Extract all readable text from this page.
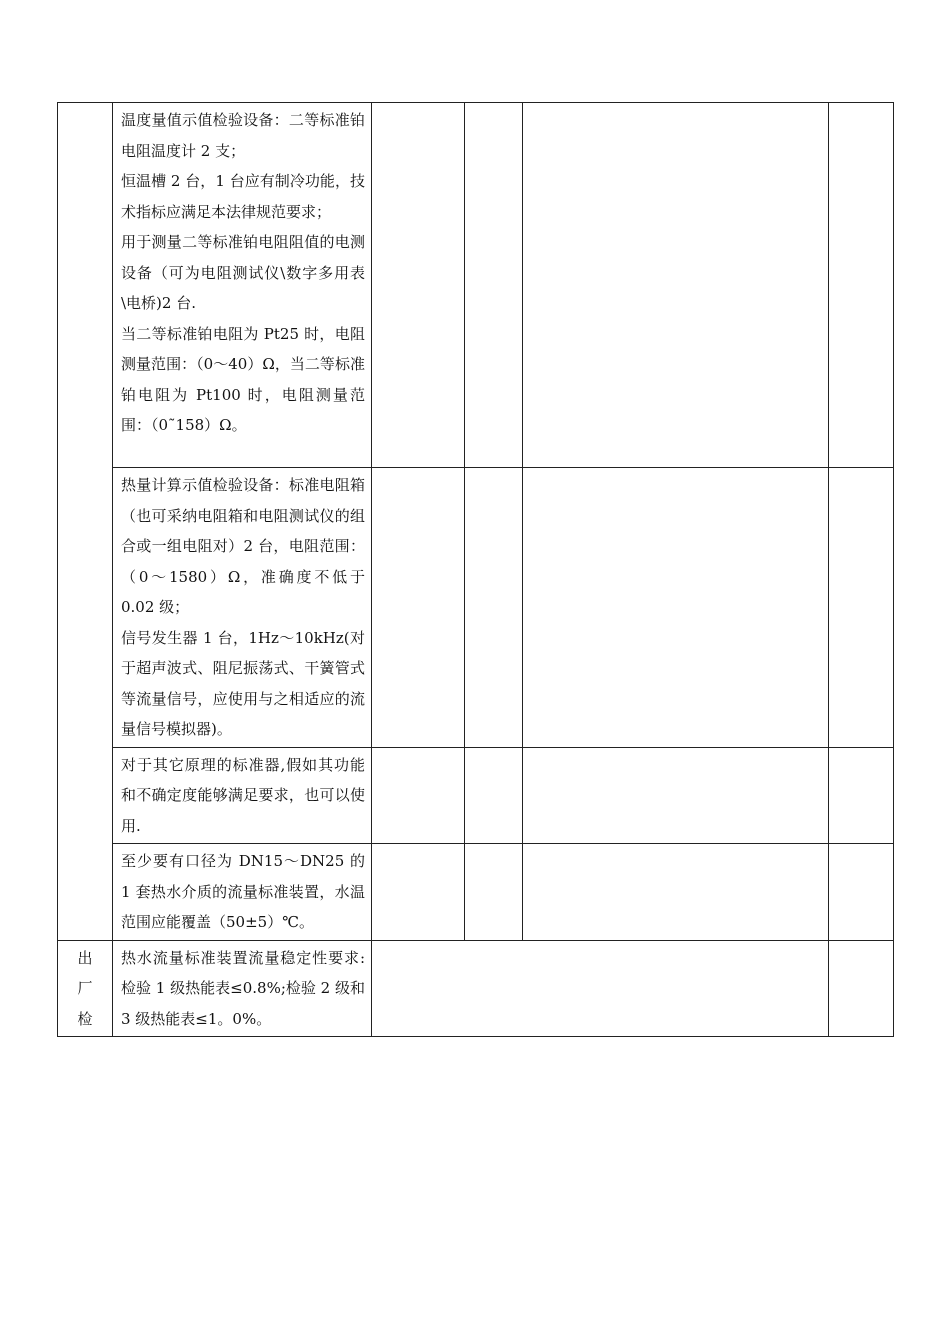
	温度量值示值检验设备：二等标准铂电阻温度计 2 支；

恒温槽 2 台，1 台应有制冷功能，技术指标应满足本法律规范要求；

用于测量二等标准铂电阻阻值的电测设备（可为电阻测试仪\数字多用表\电桥)2 台.

当二等标准铂电阻为 Pt25 时，电阻测量范围：（0～40）Ω，当二等标准铂电阻为 Pt100 时，电阻测量范围：（0˜158）Ω。				

	热量计算示值检验设备：标准电阻箱（也可采纳电阻箱和电阻测试仪的组合或一组电阻对）2 台，电阻范围：（0～1580）Ω，准确度不低于 0.02 级；

信号发生器 1 台，1Hz～10kHz(对于超声波式、阻尼振荡式、干簧管式等流量信号，应使用与之相适应的流量信号模拟器)。				

	对于其它原理的标准器,假如其功能和不确定度能够满足要求，也可以使用.				

	至少要有口径为 DN15～DN25 的 1 套热水介质的流量标准装置，水温范围应能覆盖（50±5）℃。				

出
厂
检	热水流量标准装置流量稳定性要求:检验 1 级热能表≤0.8%;检验 2 级和 3 级热能表≤1。0%。				
